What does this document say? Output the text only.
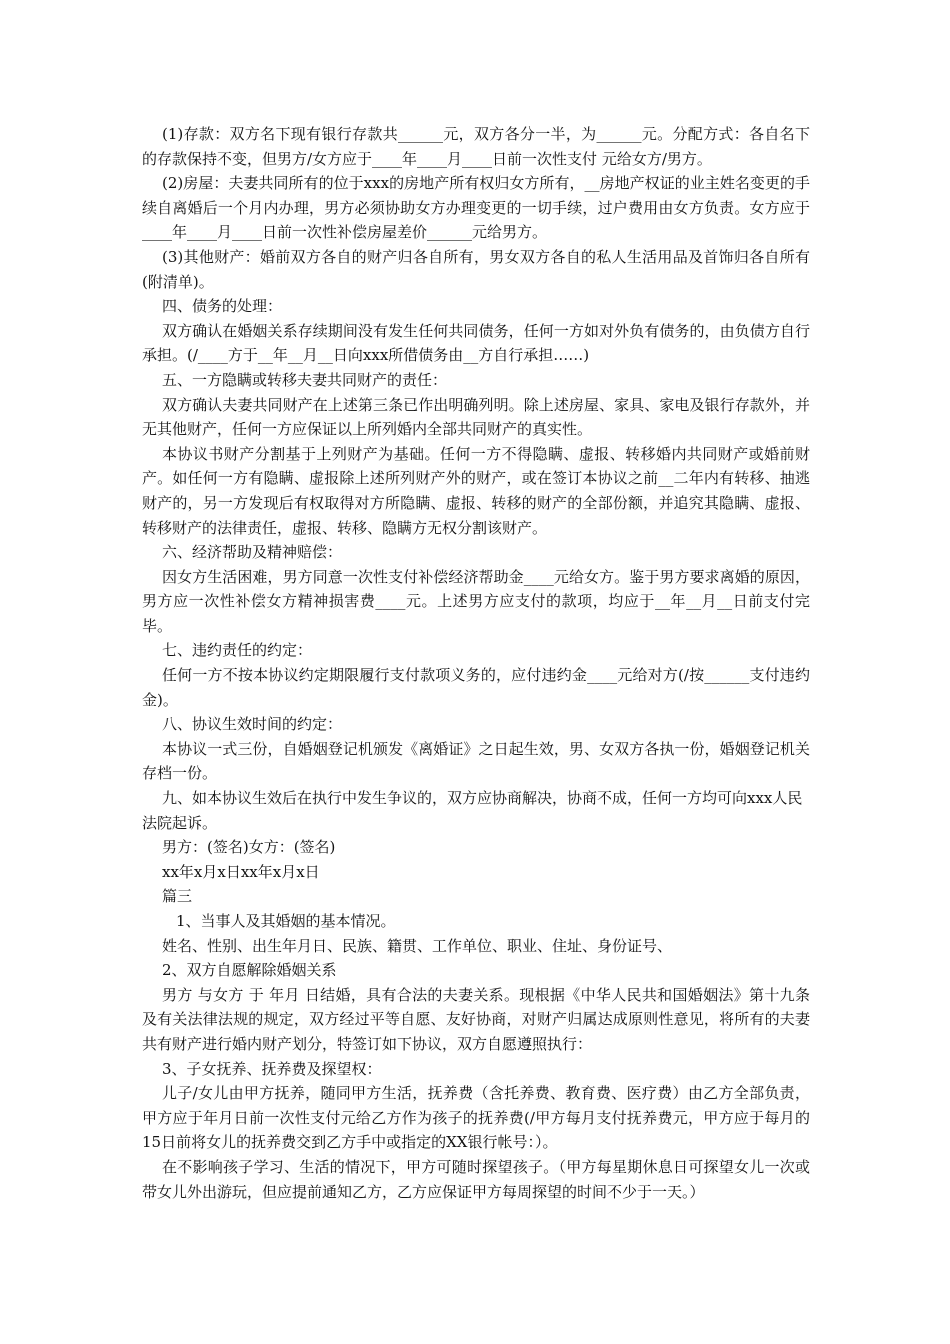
(1)存款：双方名下现有银行存款共______元，双方各分一半，为______元。分配方式：各自名下的存款保持不变，但男方/女方应于____年____月____日前一次性支付 元给女方/男方。

(2)房屋：夫妻共同所有的位于xxx的房地产所有权归女方所有，__房地产权证的业主姓名变更的手续自离婚后一个月内办理，男方必须协助女方办理变更的一切手续，过户费用由女方负责。女方应于____年____月____日前一次性补偿房屋差价______元给男方。

(3)其他财产：婚前双方各自的财产归各自所有，男女双方各自的私人生活用品及首饰归各自所有(附清单)。

四、债务的处理：

双方确认在婚姻关系存续期间没有发生任何共同债务，任何一方如对外负有债务的，由负债方自行承担。(/____方于__年__月__日向xxx所借债务由__方自行承担……)

五、一方隐瞒或转移夫妻共同财产的责任：

双方确认夫妻共同财产在上述第三条已作出明确列明。除上述房屋、家具、家电及银行存款外，并无其他财产，任何一方应保证以上所列婚内全部共同财产的真实性。

本协议书财产分割基于上列财产为基础。任何一方不得隐瞒、虚报、转移婚内共同财产或婚前财产。如任何一方有隐瞒、虚报除上述所列财产外的财产，或在签订本协议之前__二年内有转移、抽逃财产的，另一方发现后有权取得对方所隐瞒、虚报、转移的财产的全部份额，并追究其隐瞒、虚报、转移财产的法律责任，虚报、转移、隐瞒方无权分割该财产。

六、经济帮助及精神赔偿：

因女方生活困难，男方同意一次性支付补偿经济帮助金____元给女方。鉴于男方要求离婚的原因，男方应一次性补偿女方精神损害费____元。上述男方应支付的款项，均应于__年__月__日前支付完毕。

七、违约责任的约定：

任何一方不按本协议约定期限履行支付款项义务的，应付违约金____元给对方(/按______支付违约金)。

八、协议生效时间的约定：

本协议一式三份，自婚姻登记机颁发《离婚证》之日起生效，男、女双方各执一份，婚姻登记机关存档一份。

九、如本协议生效后在执行中发生争议的，双方应协商解决，协商不成，任何一方均可向xxx人民法院起诉。

男方：(签名)女方：(签名)

xx年x月x日xx年x月x日

篇三

1、当事人及其婚姻的基本情况。

姓名、性别、出生年月日、民族、籍贯、工作单位、职业、住址、身份证号、

2、双方自愿解除婚姻关系

男方 与女方 于 年月 日结婚，具有合法的夫妻关系。现根据《中华人民共和国婚姻法》第十九条及有关法律法规的规定，双方经过平等自愿、友好协商，对财产归属达成原则性意见，将所有的夫妻共有财产进行婚内财产划分，特签订如下协议，双方自愿遵照执行：

3、子女抚养、抚养费及探望权：

儿子/女儿由甲方抚养，随同甲方生活，抚养费（含托养费、教育费、医疗费）由乙方全部负责，甲方应于年月日前一次性支付元给乙方作为孩子的抚养费(/甲方每月支付抚养费元，甲方应于每月的15日前将女儿的抚养费交到乙方手中或指定的XX银行帐号：）。

在不影响孩子学习、生活的情况下，甲方可随时探望孩子。（甲方每星期休息日可探望女儿一次或带女儿外出游玩，但应提前通知乙方，乙方应保证甲方每周探望的时间不少于一天。）
